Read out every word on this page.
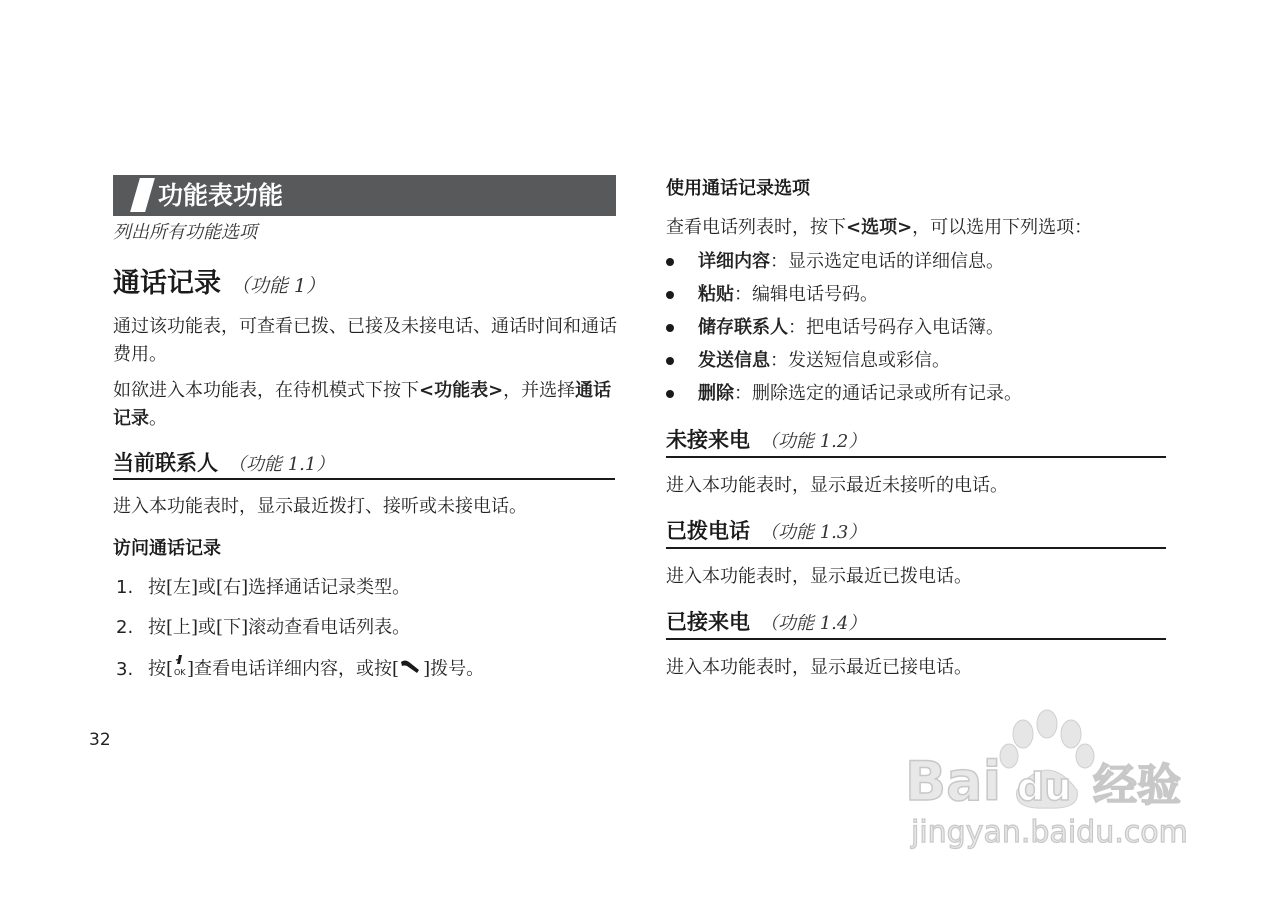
功能表功能
列出所有功能选项
通话记录 （功能 1）
通过该功能表，可查看已拨、已接及未接电话、通话时间和通话费用。
如欲进入本功能表，在待机模式下按下<功能表>，并选择通话记录。
当前联系人 （功能 1.1）
进入本功能表时，显示最近拨打、接听或未接电话。
访问通话记录
1. 按[左]或[右]选择通话记录类型。
2. 按[上]或[下]滚动查看电话列表。
3. 按[ OK ]查看电话详细内容，或按[ ]拨号。
32
使用通话记录选项
查看电话列表时，按下<选项>，可以选用下列选项：
详细内容：显示选定电话的详细信息。
粘贴：编辑电话号码。
储存联系人：把电话号码存入电话簿。
发送信息：发送短信息或彩信。
删除：删除选定的通话记录或所有记录。
未接来电 （功能 1.2）
进入本功能表时，显示最近未接听的电话。
已拨电话 （功能 1.3）
进入本功能表时，显示最近已拨电话。
已接来电 （功能 1.4）
进入本功能表时，显示最近已接电话。
Bai du 经验
jingyan.baidu.com
